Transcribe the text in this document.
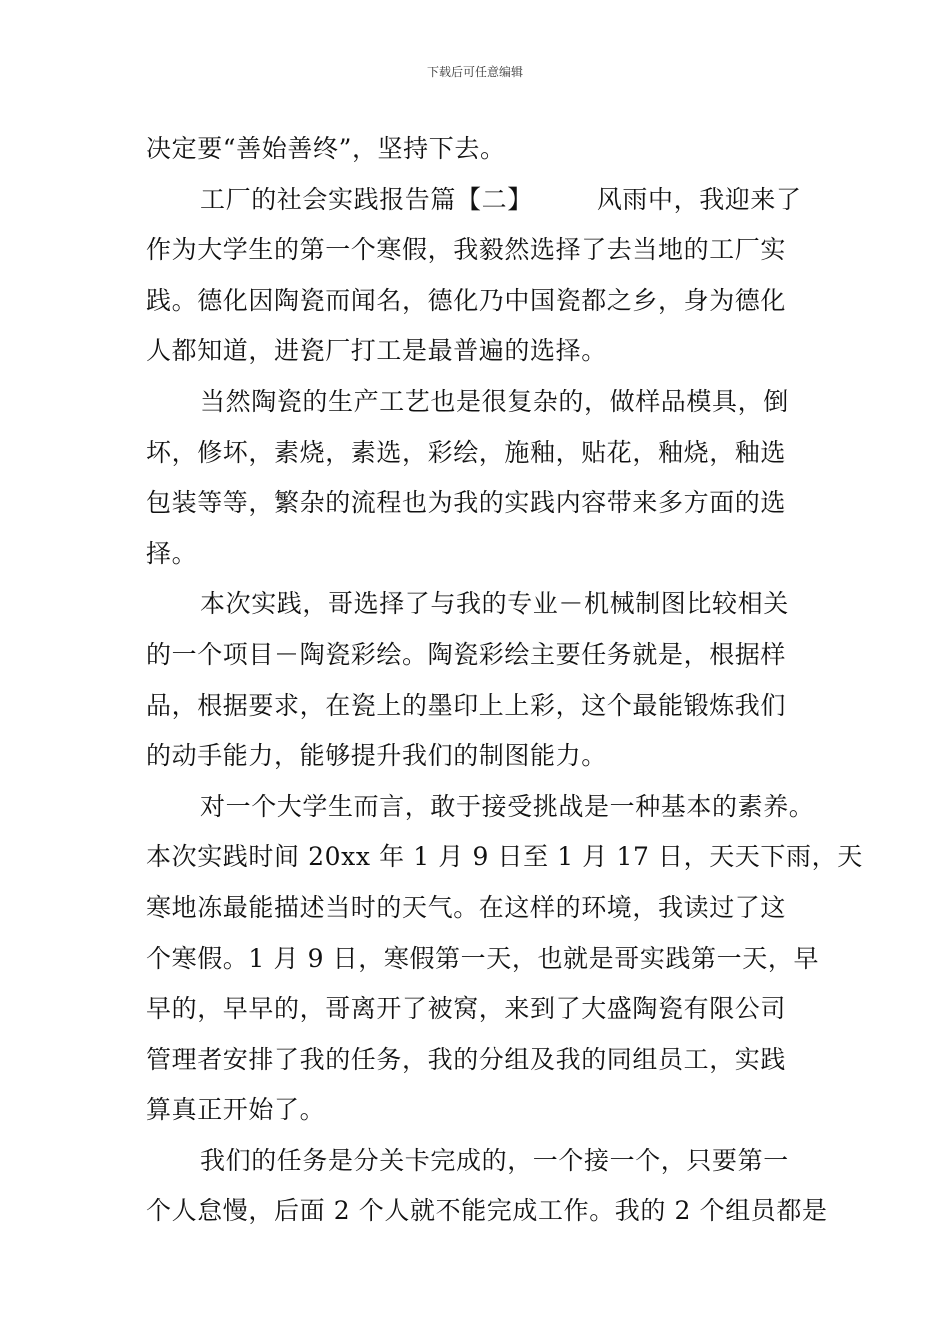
下载后可任意编辑
决定要“善始善终”，坚持下去。
工厂的社会实践报告篇【二】	风雨中，我迎来了
作为大学生的第一个寒假，我毅然选择了去当地的工厂实
践。德化因陶瓷而闻名，德化乃中国瓷都之乡，身为德化
人都知道，进瓷厂打工是最普遍的选择。
当然陶瓷的生产工艺也是很复杂的，做样品模具，倒
坏，修坏，素烧，素选，彩绘，施釉，贴花，釉烧，釉选
包装等等，繁杂的流程也为我的实践内容带来多方面的选
择。
本次实践，哥选择了与我的专业－机械制图比较相关
的一个项目－陶瓷彩绘。陶瓷彩绘主要任务就是，根据样
品，根据要求，在瓷上的墨印上上彩，这个最能锻炼我们
的动手能力，能够提升我们的制图能力。
对一个大学生而言，敢于接受挑战是一种基本的素养。
本次实践时间 20xx 年 1 月 9 日至 1 月 17 日，天天下雨，天
寒地冻最能描述当时的天气。在这样的环境，我读过了这
个寒假。1 月 9 日，寒假第一天，也就是哥实践第一天，早
早的，早早的，哥离开了被窝，来到了大盛陶瓷有限公司
管理者安排了我的任务，我的分组及我的同组员工，实践
算真正开始了。
我们的任务是分关卡完成的，一个接一个，只要第一
个人怠慢，后面 2 个人就不能完成工作。我的 2 个组员都是
